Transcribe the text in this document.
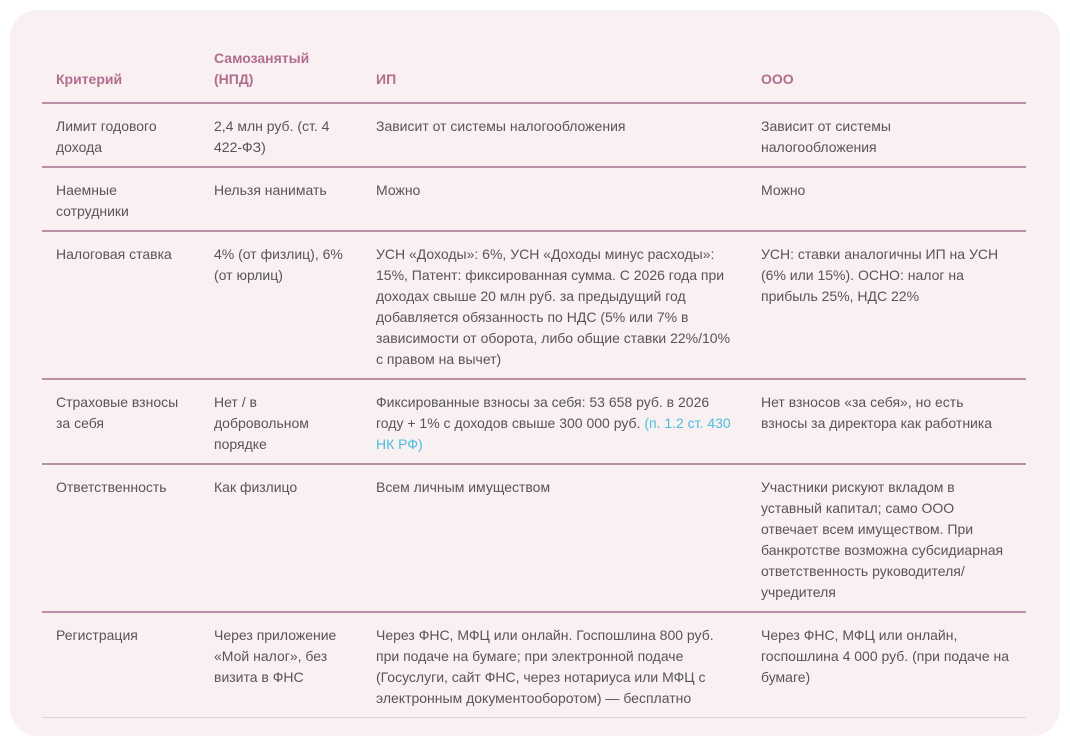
Критерий	Самозанятый (НПД)	ИП	ООО
Лимит годового дохода	2,4 млн руб. (ст. 4 422-ФЗ)	Зависит от системы налогообложения	Зависит от системы налогообложения
Наемные сотрудники	Нельзя нанимать	Можно	Можно
Налоговая ставка	4% (от физлиц), 6% (от юрлиц)	УСН «Доходы»: 6%, УСН «Доходы минус расходы»: 15%, Патент: фиксированная сумма. С 2026 года при доходах свыше 20 млн руб. за предыдущий год добавляется обязанность по НДС (5% или 7% в зависимости от оборота, либо общие ставки 22%/10% с правом на вычет)	УСН: ставки аналогичны ИП на УСН (6% или 15%). ОСНО: налог на прибыль 25%, НДС 22%
Страховые взносы за себя	Нет / в добровольном порядке	Фиксированные взносы за себя: 53 658 руб. в 2026 году + 1% с доходов свыше 300 000 руб. (п. 1.2 ст. 430 НК РФ)	Нет взносов «за себя», но есть взносы за директора как работника
Ответственность	Как физлицо	Всем личным имуществом	Участники рискуют вкладом в уставный капитал; само ООО отвечает всем имуществом. При банкротстве возможна субсидиарная ответственность руководителя/учредителя
Регистрация	Через приложение «Мой налог», без визита в ФНС	Через ФНС, МФЦ или онлайн. Госпошлина 800 руб. при подаче на бумаге; при электронной подаче (Госуслуги, сайт ФНС, через нотариуса или МФЦ с электронным документооборотом) — бесплатно	Через ФНС, МФЦ или онлайн, госпошлина 4 000 руб. (при подаче на бумаге)
